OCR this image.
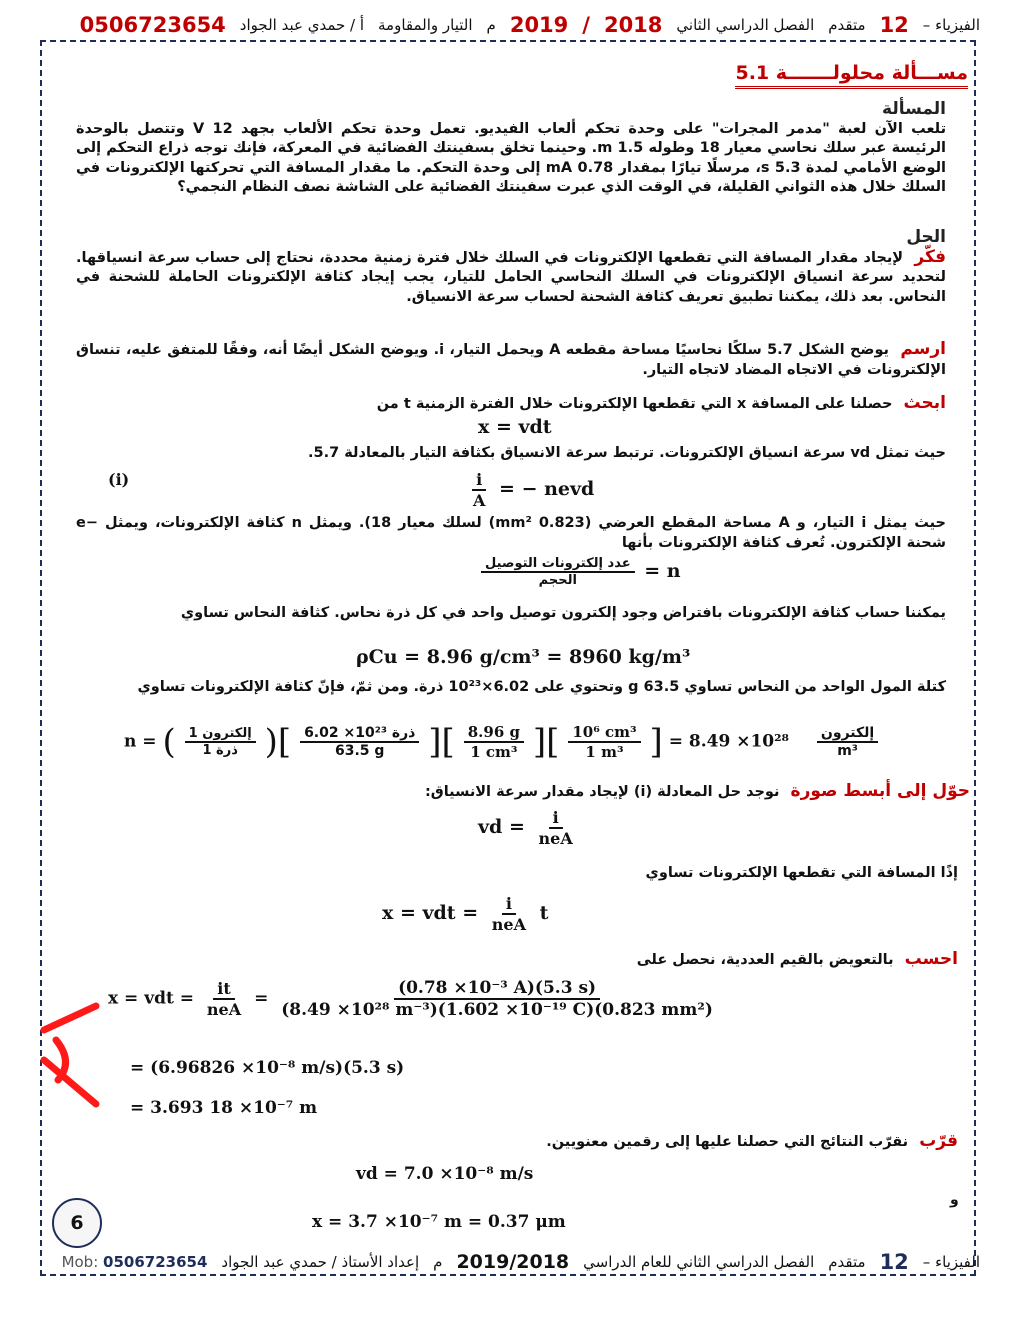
الفيزياء –
12
متقدم
الفصل الدراسي الثاني
2018
/
2019
م
التيار والمقاومة
أ / حمدي عبد الجواد
0506723654
مســـألة محلولـــــــة 5.1
المسألة
تلعب الآن لعبة "مدمر المجرات" على وحدة تحكم ألعاب الفيديو. تعمل وحدة تحكم الألعاب بجهد 12 V وتتصل بالوحدة الرئيسة عبر سلك نحاسي معيار 18 وطوله 1.5 m. وحينما تخلق بسفينتك الفضائية في المعركة، فإنك توجه ذراع التحكم إلى الوضع الأمامي لمدة 5.3 s، مرسلًا تيارًا بمقدار 0.78 mA إلى وحدة التحكم. ما مقدار المسافة التي تحركتها الإلكترونات في السلك خلال هذه الثواني القليلة، في الوقت الذي عبرت سفينتك الفضائية على الشاشة نصف النظام النجمي؟
الحل
فكّر لإيجاد مقدار المسافة التي تقطعها الإلكترونات في السلك خلال فترة زمنية محددة، نحتاج إلى حساب سرعة انسياقها. لتحديد سرعة انسياق الإلكترونات في السلك النحاسي الحامل للتيار، يجب إيجاد كثافة الإلكترونات الحاملة للشحنة في النحاس. بعد ذلك، يمكننا تطبيق تعريف كثافة الشحنة لحساب سرعة الانسياق.
ارسم يوضح الشكل 5.7 سلكًا نحاسيًا مساحة مقطعه A ويحمل التيار، i. ويوضح الشكل أيضًا أنه، وفقًا للمتفق عليه، تنساق الإلكترونات في الاتجاه المضاد لاتجاه التيار.
ابحث حصلنا على المسافة x التي تقطعها الإلكترونات خلال الفترة الزمنية t من
x = vdt
حيث تمثل vd سرعة انسياق الإلكترونات. ترتبط سرعة الانسياق بكثافة التيار بالمعادلة 5.7.
(i)	$\frac{i}{A}$ = − nevd
حيث يمثل i التيار، و A مساحة المقطع العرضي (0.823 mm²) لسلك معيار 18). ويمثل n كثافة الإلكترونات، ويمثل −e شحنة الإلكترون. تُعرف كثافة الإلكترونات بأنها
$\frac{\text{عدد إلكترونات التوصيل}}{\text{الحجم}} = n$
يمكننا حساب كثافة الإلكترونات بافتراض وجود إلكترون توصيل واحد في كل ذرة نحاس. كثافة النحاس تساوي
ρCu = 8.96 g/cm³ = 8960 kg/m³
كتلة المول الواحد من النحاس تساوي 63.5 g وتحتوي على 6.02×10²³ ذرة. ومن ثمّ، فإنّ كثافة الإلكترونات تساوي
n = ( $\frac{\text{1 إلكترون}}{\text{1 ذرة}}$ )[ $\frac{\text{6.02 ×10²³ ذرة}}{63.5 g}$ ][ $\frac{8.96 g}{\text{1 cm³}}$ ][ $\frac{\text{10⁶ cm³}}{\text{1 m³}}$ ] = $8.49 \times 10^{28} \frac{\text{إلكترون}}{\text{m³}}$
حوّل إلى أبسط صورة نوجد حل المعادلة (i) لإيجاد مقدار سرعة الانسياق:
vd = $\frac{i}{\text{neA}}$
إذًا المسافة التي تقطعها الإلكترونات تساوي
x = vdt = $\frac{i}{\text{neA}}$ t
احسب بالتعويض بالقيم العددية، نحصل على
x = vdt = $\frac{it}{\text{neA}} = \frac{\text{(0.78 ×10⁻³ A)(5.3 s)}}{\text{(8.49 ×10²⁸ m⁻³)(1.602 ×10⁻¹⁹ C)(0.823 mm²)}}$
= (6.96826 ×10⁻⁸ m/s)(5.3 s)
= 3.693 18 ×10⁻⁷ m
قرّب نقرّب النتائج التي حصلنا عليها إلى رقمين معنويين.
vd = 7.0 ×10⁻⁸ m/s
و
x = 3.7 ×10⁻⁷ m = 0.37 μm
6
الفيزياء –
12
متقدم
الفصل الدراسي الثاني للعام الدراسي
2019/2018
م
إعداد الأستاذ / حمدي عبد الجواد
Mob: 0506723654
